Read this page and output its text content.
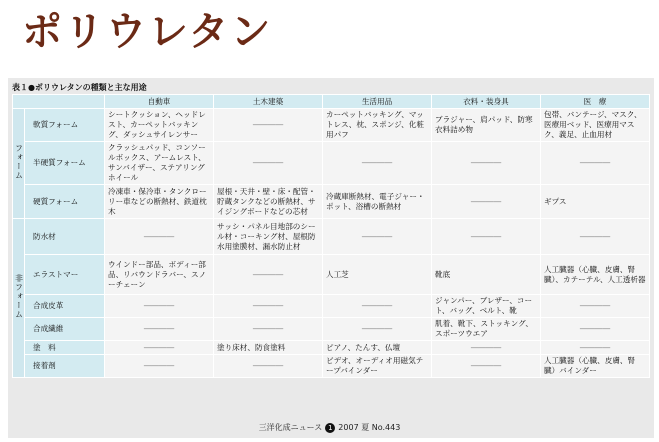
ポリウレタン
表１●ポリウレタンの種類と主な用途
		自動車	土木建築	生活用品	衣料・装身具	医　療
フォーム	軟質フォーム	シートクッション、ヘッドレスト、カーペットバッキング、ダッシュサイレンサー	――――	カーペットバッキング、マットレス、枕、スポンジ、化粧用パフ	ブラジャー、肩パッド、防寒衣料詰め物	包帯、バンテージ、マスク、医療用ベッド、医療用マスク、義足、止血用材
	半硬質フォーム	クラッシュパッド、コンソールボックス、アームレスト、サンバイザー、ステアリングホイール	――――	――――	――――	――――
	硬質フォーム	冷凍車・保冷車・タンクローリー車などの断熱材、鉄道枕木	屋根・天井・壁・床・配管・貯蔵タンクなどの断熱材、サイジングボードなどの芯材	冷蔵庫断熱材、電子ジャー・ポット、浴槽の断熱材	――――	ギプス
非フォーム	防水材	――――	サッシ・パネル目地部のシール材・コーキング材、屋根防水用塗膜材、漏水防止材	――――	――――	――――
	エラストマー	ウインドー部品、ボディー部品、リバウンドラバー、スノーチェーン	――――	人工芝	靴底	人工臓器（心臓、皮膚、腎臓）、カテーテル、人工透析器
	合成皮革	――――	――――	――――	ジャンパー、ブレザー、コート、バッグ、ベルト、靴	――――
	合成繊維	――――	――――	――――	肌着、靴下、ストッキング、スポーツウエア	――――
	塗　料	――――	塗り床材、防食塗料	ピアノ、たんす、仏壇	――――	――――
	接着剤	――――	――――	ビデオ、オーディオ用磁気テープバインダー	――――	人工臓器（心臓、皮膚、腎臓）バインダー
三洋化成ニュース 1 2007 夏 No.443
